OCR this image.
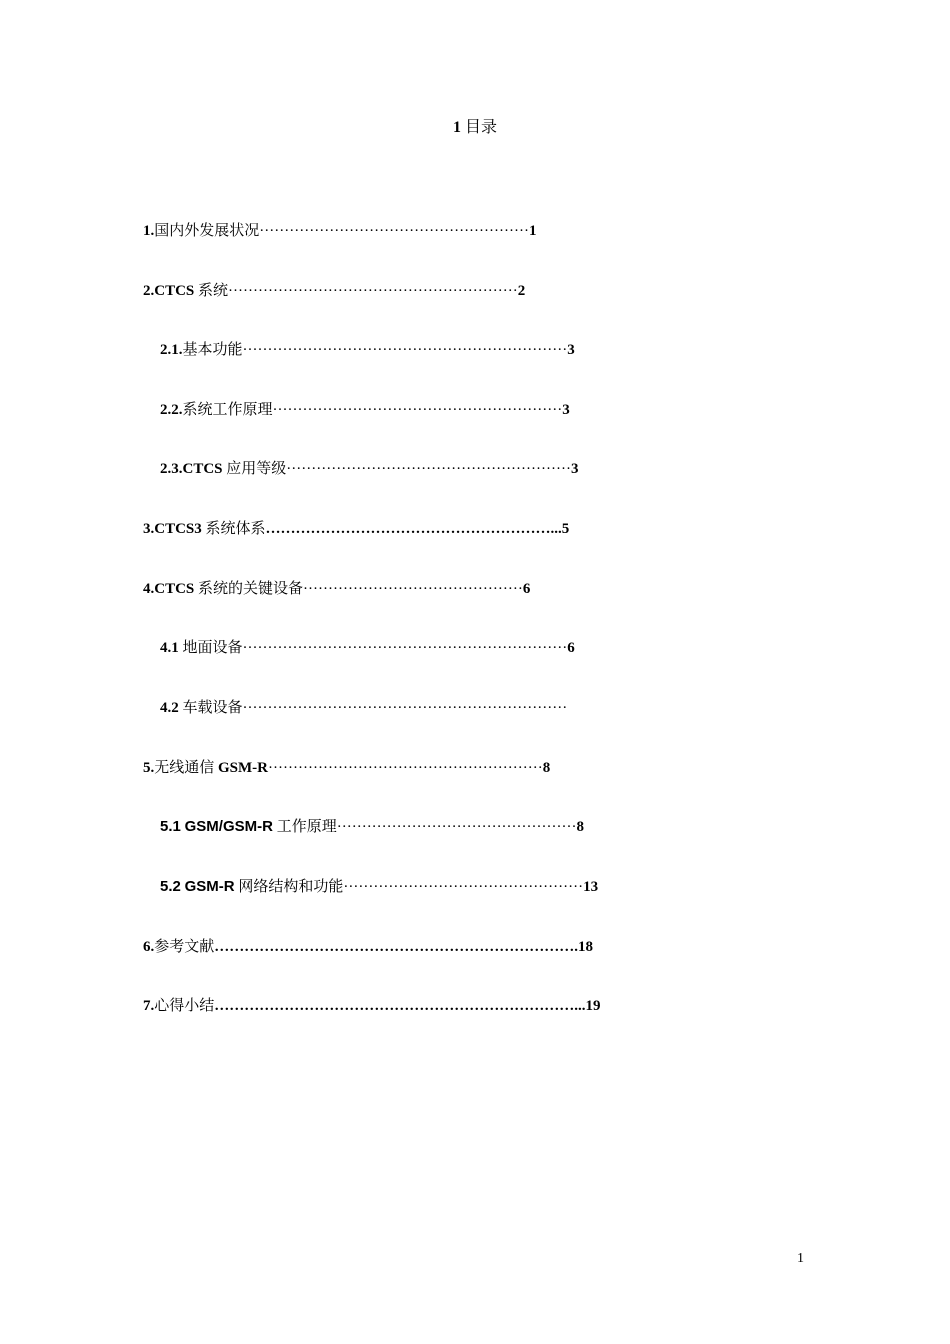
1 目录
1.国内外发展状况······················································1
2.CTCS 系统··························································2
2.1.基本功能·································································3
2.2.系统工作原理··························································3
2.3.CTCS 应用等级·························································3
3.CTCS3 系统体系…………………………………………………...5
4.CTCS 系统的关键设备············································6
4.1 地面设备·································································6
4.2 车载设备·································································
5.无线通信 GSM-R·······················································8
5.1 GSM/GSM-R 工作原理················································8
5.2 GSM-R 网络结构和功能················································13
6.参考文献……………………………………………………………….18
7.心得小结………………………………………………………………...19
1
